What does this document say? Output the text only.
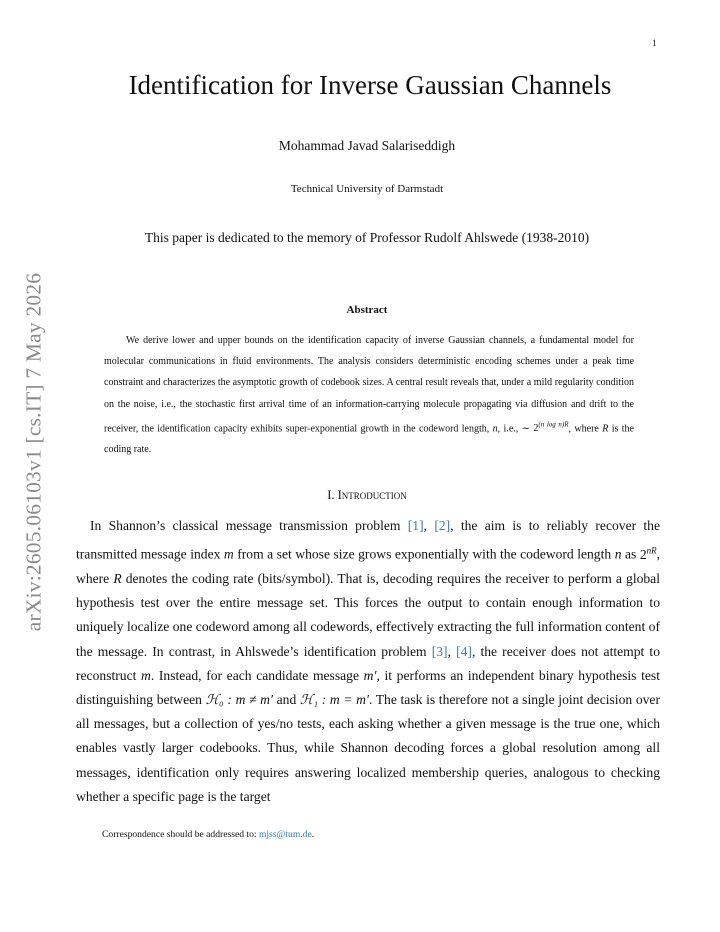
1
arXiv:2605.06103v1 [cs.IT] 7 May 2026
Identification for Inverse Gaussian Channels
Mohammad Javad Salariseddigh
Technical University of Darmstadt
This paper is dedicated to the memory of Professor Rudolf Ahlswede (1938-2010)
Abstract

We derive lower and upper bounds on the identification capacity of inverse Gaussian channels, a fundamental model for molecular communications in fluid environments. The analysis considers deterministic encoding schemes under a peak time constraint and characterizes the asymptotic growth of codebook sizes. A central result reveals that, under a mild regularity condition on the noise, i.e., the stochastic first arrival time of an information-carrying molecule propagating via diffusion and drift to the receiver, the identification capacity exhibits super-exponential growth in the codeword length, n, i.e., ∼ $2^{(n log n)R}$, where R is the coding rate.

I. Introduction

In Shannon’s classical message transmission problem [1], [2], the aim is to reliably recover the transmitted message index m from a set whose size grows exponentially with the codeword length n as $2^{nR}$, where R denotes the coding rate (bits/symbol). That is, decoding requires the receiver to perform a global hypothesis test over the entire message set. This forces the output to contain enough information to uniquely localize one codeword among all codewords, effectively extracting the full information content of the message. In contrast, in Ahlswede’s identification problem [3], [4], the receiver does not attempt to reconstruct m. Instead, for each candidate message m′, it performs an independent binary hypothesis test distinguishing between ℋ₀ : m ≠ m′ and ℋ₁ : m = m′. The task is therefore not a single joint decision over all messages, but a collection of yes/no tests, each asking whether a given message is the true one, which enables vastly larger codebooks. Thus, while Shannon decoding forces a global resolution among all messages, identification only requires answering localized membership queries, analogous to checking whether a specific page is the target

Correspondence should be addressed to: mjss@tum.de.
